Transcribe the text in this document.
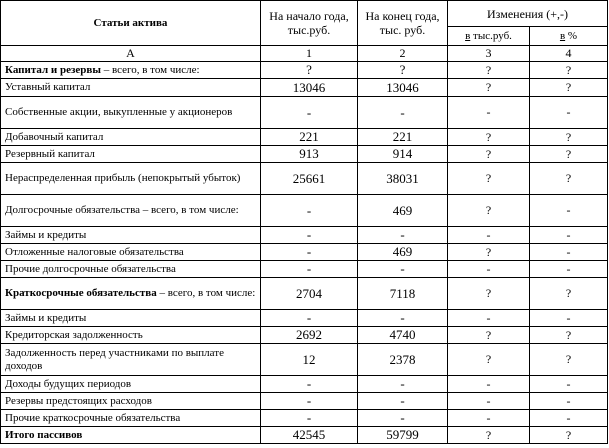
Статьи актива	На начало года, тыс.руб.	На конец года, тыс. руб.	Изменения (+,-)	
			в тыс.руб.	в %
А	1	2	3	4
Капитал и резервы – всего, в том числе:	?	?	?	?
Уставный капитал	13046	13046	?	?
Собственные акции, выкупленные у акционеров	-	-	-	-
Добавочный капитал	221	221	?	?
Резервный капитал	913	914	?	?
Нераспределенная прибыль (непокрытый убыток)	25661	38031	?	?
Долгосрочные обязательства – всего, в том числе:	-	469	?	-
Займы и кредиты	-	-	-	-
Отложенные налоговые обязательства	-	469	?	-
Прочие долгосрочные обязательства	-	-	-	-
Краткосрочные обязательства – всего, в том числе:	2704	7118	?	?
Займы и кредиты	-	-	-	-
Кредиторская задолженность	2692	4740	?	?
Задолженность перед участниками по выплате доходов	12	2378	?	?
Доходы будущих периодов	-	-	-	-
Резервы предстоящих расходов	-	-	-	-
Прочие краткосрочные обязательства	-	-	-	-
Итого пассивов	42545	59799	?	?
